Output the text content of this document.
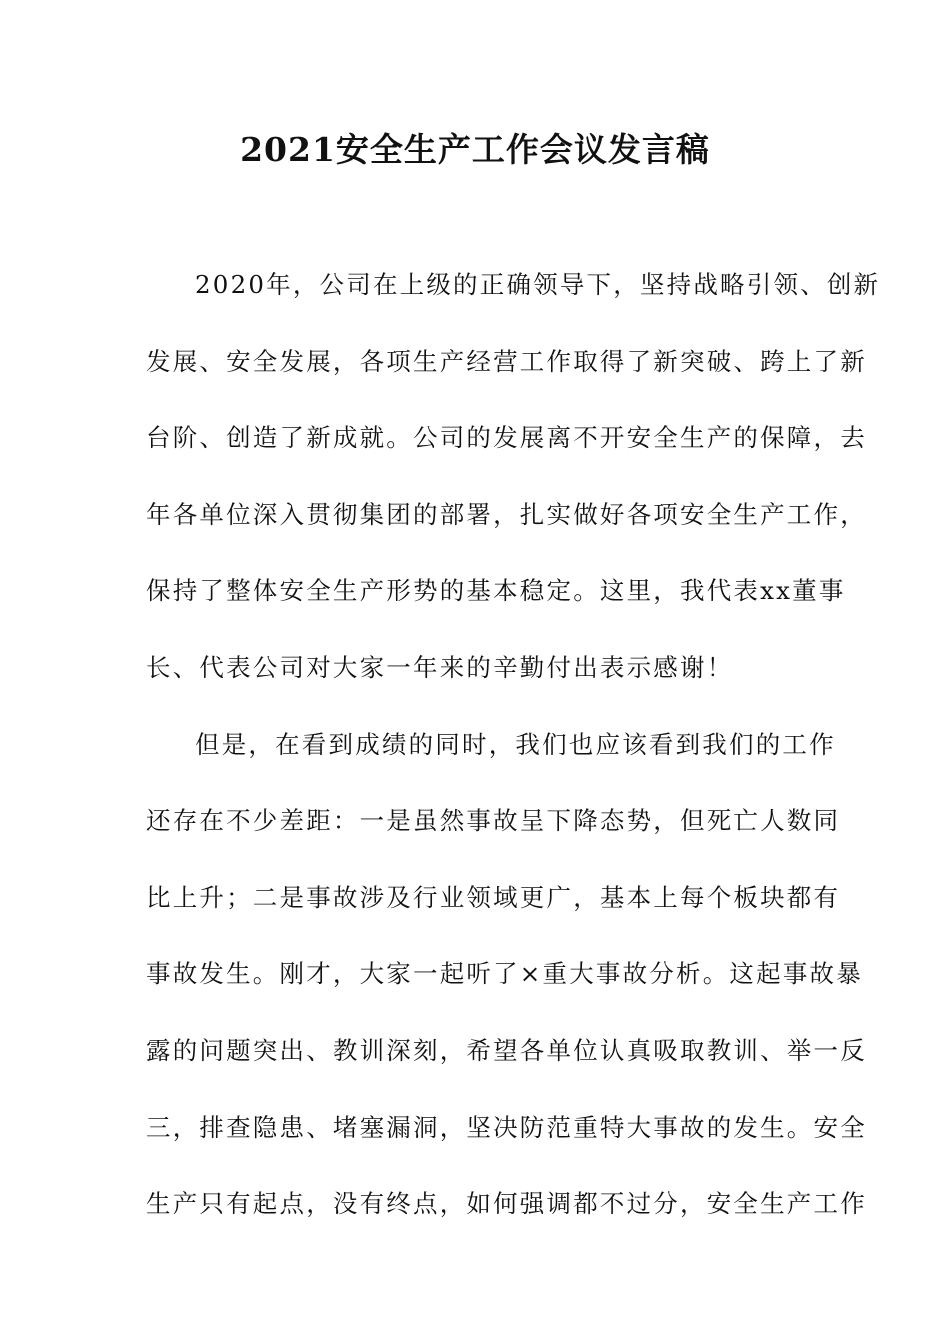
2021安全生产工作会议发言稿
2020年，公司在上级的正确领导下，坚持战略引领、创新
发展、安全发展，各项生产经营工作取得了新突破、跨上了新
台阶、创造了新成就。公司的发展离不开安全生产的保障，去
年各单位深入贯彻集团的部署，扎实做好各项安全生产工作，
保持了整体安全生产形势的基本稳定。这里，我代表xx董事
长、代表公司对大家一年来的辛勤付出表示感谢！
但是，在看到成绩的同时，我们也应该看到我们的工作
还存在不少差距：一是虽然事故呈下降态势，但死亡人数同
比上升；二是事故涉及行业领域更广，基本上每个板块都有
事故发生。刚才，大家一起听了×重大事故分析。这起事故暴
露的问题突出、教训深刻，希望各单位认真吸取教训、举一反
三，排查隐患、堵塞漏洞，坚决防范重特大事故的发生。安全
生产只有起点，没有终点，如何强调都不过分，安全生产工作
